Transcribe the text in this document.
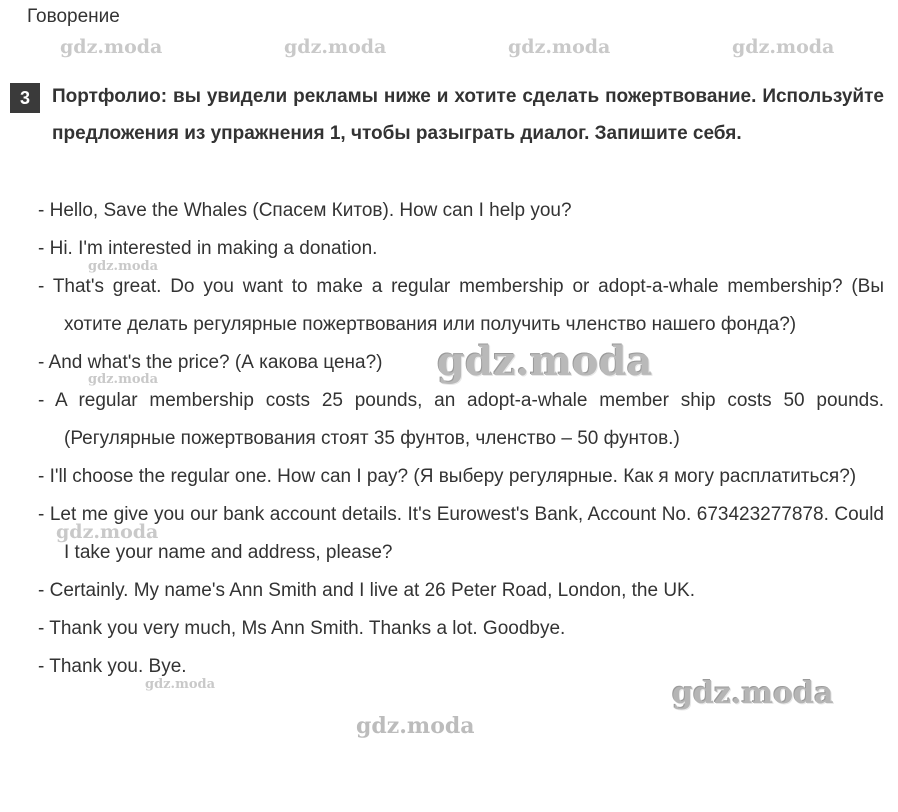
Говорение
gdz.moda	gdz.moda	gdz.moda	gdz.moda
3	Портфолио: вы увидели рекламы ниже и хотите сделать пожертвование. Используйте предложения из упражнения 1, чтобы разыграть диалог. Запишите себя.
- Hello, Save the Whales (Спасем Китов). How can I help you?
- Hi. I'm interested in making a donation.
- That's great. Do you want to make a regular membership or adopt-a-whale membership? (Вы хотите делать регулярные пожертвования или получить членство нашего фонда?)
- And what's the price? (А какова цена?)
- A regular membership costs 25 pounds, an adopt-a-whale member ship costs 50 pounds. (Регулярные пожертвования стоят 35 фунтов, членство – 50 фунтов.)
- I'll choose the regular one. How can I pay? (Я выберу регулярные. Как я могу расплатиться?)
- Let me give you our bank account details. It's Eurowest's Bank, Account No. 673423277878. Could I take your name and address, please?
- Certainly. My name's Ann Smith and I live at 26 Peter Road, London, the UK.
- Thank you very much, Ms Ann Smith. Thanks a lot. Goodbye.
- Thank you. Bye.
gdz.moda
gdz.moda
gdz.moda
gdz.moda
gdz.moda	gdz.moda
gdz.moda
